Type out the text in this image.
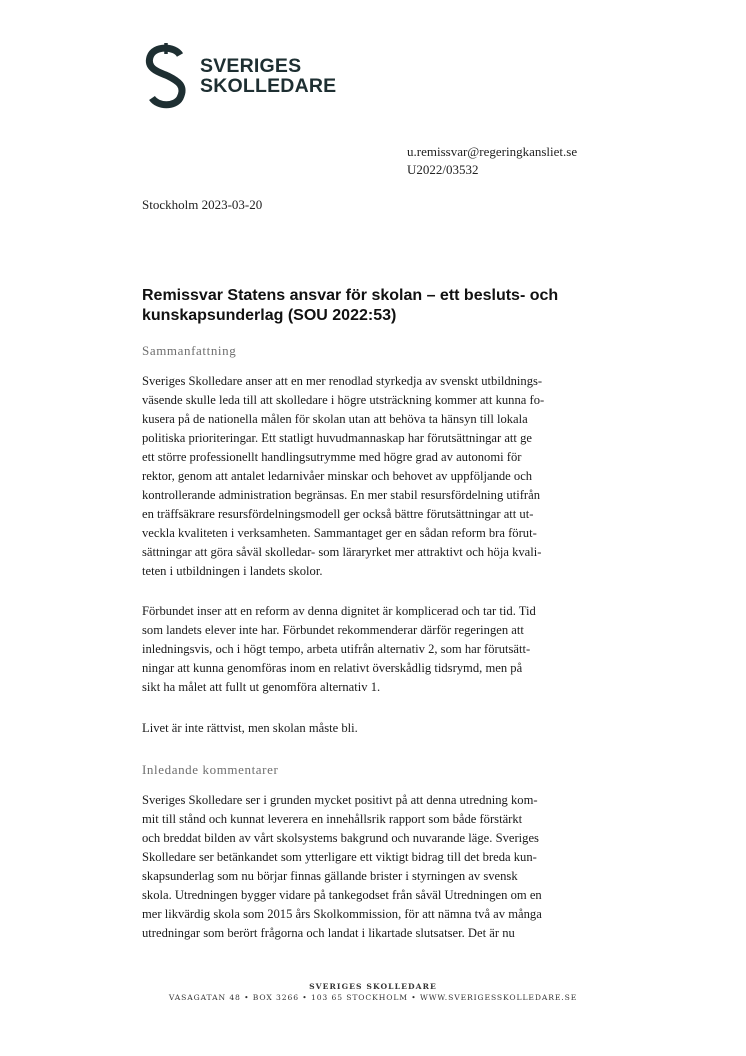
SVERIGES
SKOLLEDARE
u.remissvar@regeringkansliet.se
U2022/03532
Stockholm 2023-03-20
Remissvar Statens ansvar för skolan – ett besluts- och
kunskapsunderlag (SOU 2022:53)
Sammanfattning
Sveriges Skolledare anser att en mer renodlad styrkedja av svenskt utbildnings-
väsende skulle leda till att skolledare i högre utsträckning kommer att kunna fo-
kusera på de nationella målen för skolan utan att behöva ta hänsyn till lokala
politiska prioriteringar. Ett statligt huvudmannaskap har förutsättningar att ge
ett större professionellt handlingsutrymme med högre grad av autonomi för
rektor, genom att antalet ledarnivåer minskar och behovet av uppföljande och
kontrollerande administration begränsas. En mer stabil resursfördelning utifrån
en träffsäkrare resursfördelningsmodell ger också bättre förutsättningar att ut-
veckla kvaliteten i verksamheten. Sammantaget ger en sådan reform bra förut-
sättningar att göra såväl skolledar- som läraryrket mer attraktivt och höja kvali-
teten i utbildningen i landets skolor.
Förbundet inser att en reform av denna dignitet är komplicerad och tar tid. Tid
som landets elever inte har. Förbundet rekommenderar därför regeringen att
inledningsvis, och i högt tempo, arbeta utifrån alternativ 2, som har förutsätt-
ningar att kunna genomföras inom en relativt överskådlig tidsrymd, men på
sikt ha målet att fullt ut genomföra alternativ 1.
Livet är inte rättvist, men skolan måste bli.
Inledande kommentarer
Sveriges Skolledare ser i grunden mycket positivt på att denna utredning kom-
mit till stånd och kunnat leverera en innehållsrik rapport som både förstärkt
och breddat bilden av vårt skolsystems bakgrund och nuvarande läge. Sveriges
Skolledare ser betänkandet som ytterligare ett viktigt bidrag till det breda kun-
skapsunderlag som nu börjar finnas gällande brister i styrningen av svensk
skola. Utredningen bygger vidare på tankegodset från såväl Utredningen om en
mer likvärdig skola som 2015 års Skolkommission, för att nämna två av många
utredningar som berört frågorna och landat i likartade slutsatser. Det är nu
SVERIGES SKOLLEDARE
VASAGATAN 48 • BOX 3266 • 103 65 STOCKHOLM • WWW.SVERIGESSKOLLEDARE.SE
